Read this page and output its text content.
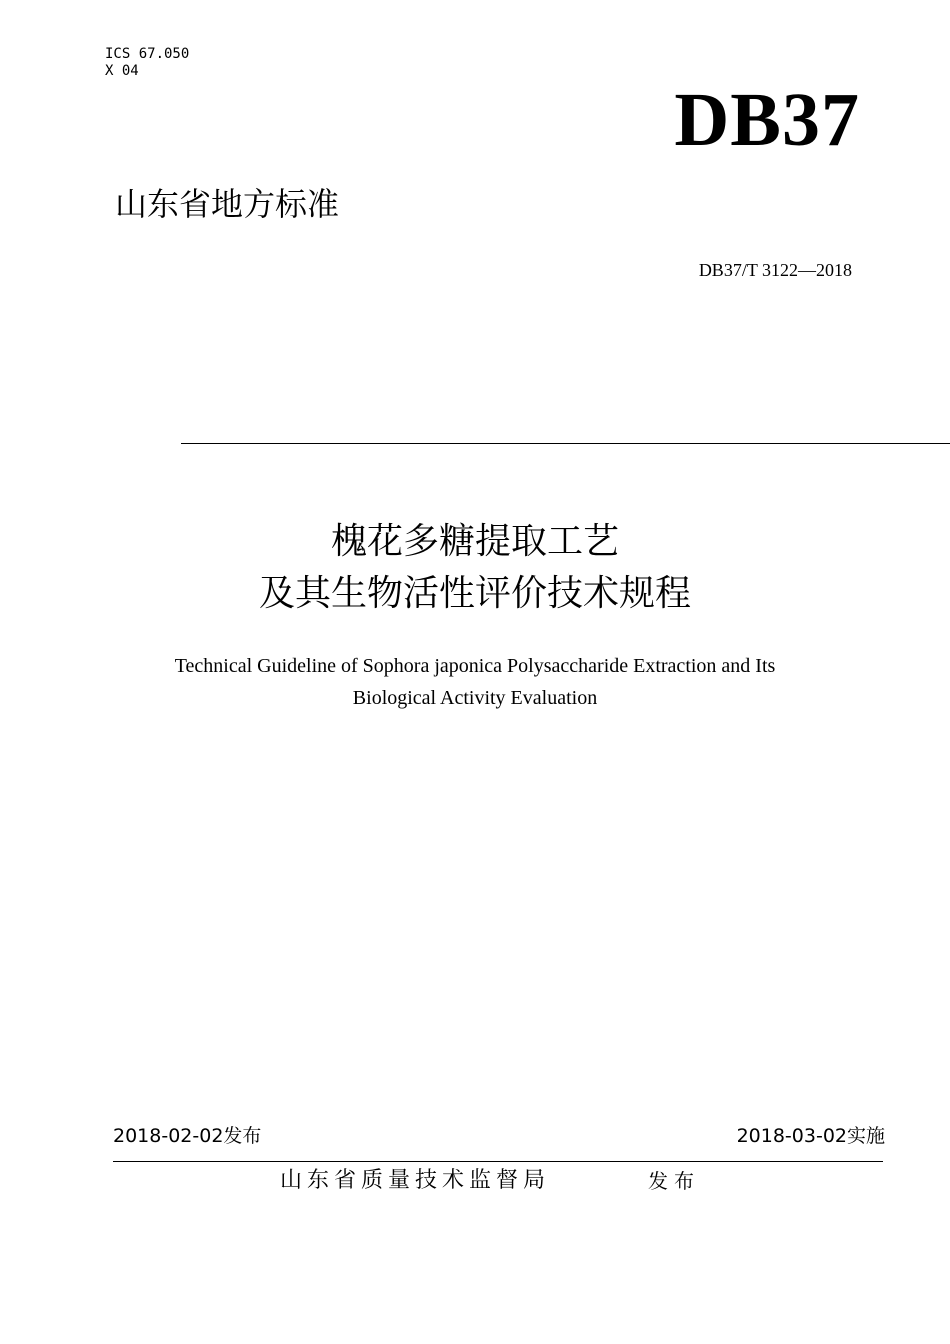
ICS 67.050
X 04
DB37
山东省地方标准
DB37/T 3122—2018
槐花多糖提取工艺
及其生物活性评价技术规程
Technical Guideline of Sophora japonica Polysaccharide Extraction and Its
Biological Activity Evaluation
2018-02-02发布	2018-03-02实施
山东省质量技术监督局	发布
